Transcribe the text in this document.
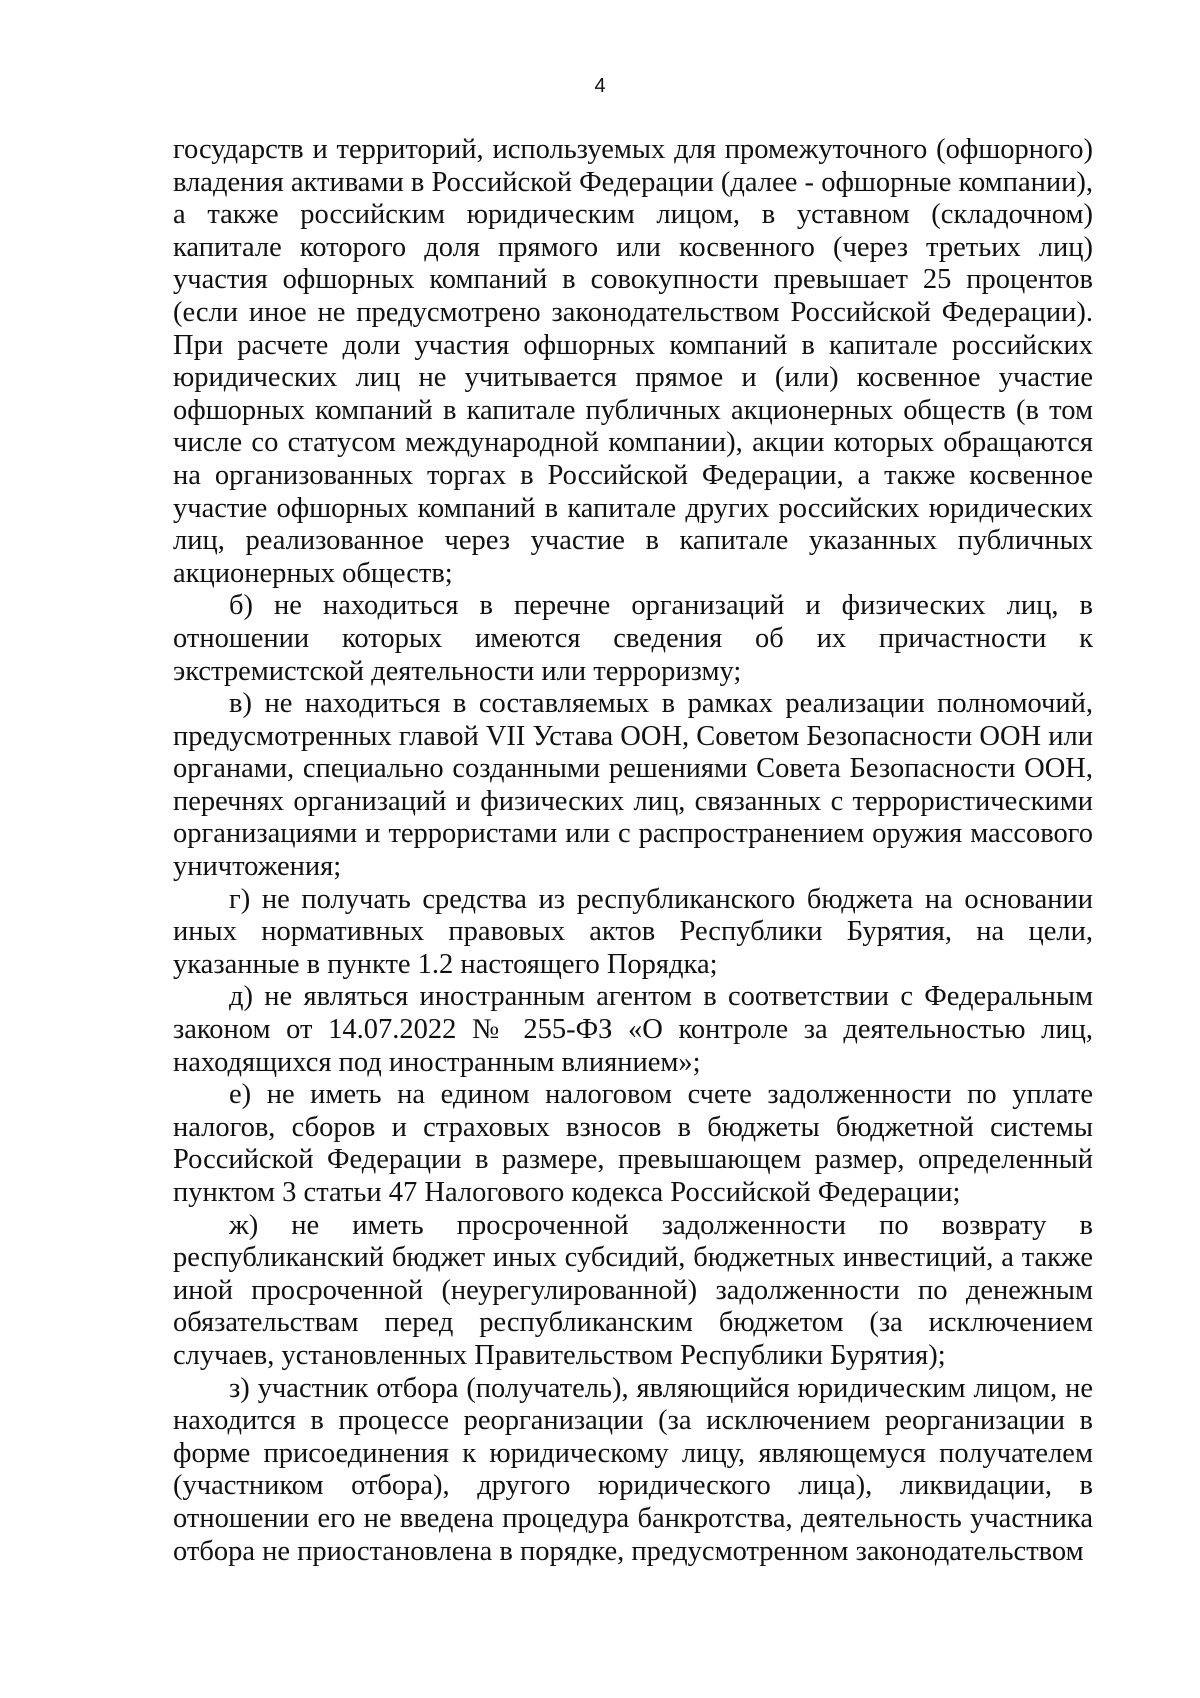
4

государств и территорий, используемых для промежуточного (офшорного) владения активами в Российской Федерации (далее - офшорные компании), а также российским юридическим лицом, в уставном (складочном) капитале которого доля прямого или косвенного (через третьих лиц) участия офшорных компаний в совокупности превышает 25 процентов (если иное не предусмотрено законодательством Российской Федерации). При расчете доли участия офшорных компаний в капитале российских юридических лиц не учитывается прямое и (или) косвенное участие офшорных компаний в капитале публичных акционерных обществ (в том числе со статусом международной компании), акции которых обращаются на организованных торгах в Российской Федерации, а также косвенное участие офшорных компаний в капитале других российских юридических лиц, реализованное через участие в капитале указанных публичных акционерных обществ;

б) не находиться в перечне организаций и физических лиц, в отношении которых имеются сведения об их причастности к экстремистской деятельности или терроризму;

в) не находиться в составляемых в рамках реализации полномочий, предусмотренных главой VII Устава ООН, Советом Безопасности ООН или органами, специально созданными решениями Совета Безопасности ООН, перечнях организаций и физических лиц, связанных с террористическими организациями и террористами или с распространением оружия массового уничтожения;

г) не получать средства из республиканского бюджета на основании иных нормативных правовых актов Республики Бурятия, на цели, указанные в пункте 1.2 настоящего Порядка;

д) не являться иностранным агентом в соответствии с Федеральным законом от 14.07.2022 № 255-ФЗ «О контроле за деятельностью лиц, находящихся под иностранным влиянием»;

е) не иметь на едином налоговом счете задолженности по уплате налогов, сборов и страховых взносов в бюджеты бюджетной системы Российской Федерации в размере, превышающем размер, определенный пунктом 3 статьи 47 Налогового кодекса Российской Федерации;

ж) не иметь просроченной задолженности по возврату в республиканский бюджет иных субсидий, бюджетных инвестиций, а также иной просроченной (неурегулированной) задолженности по денежным обязательствам перед республиканским бюджетом (за исключением случаев, установленных Правительством Республики Бурятия);

з) участник отбора (получатель), являющийся юридическим лицом, не находится в процессе реорганизации (за исключением реорганизации в форме присоединения к юридическому лицу, являющемуся получателем (участником отбора), другого юридического лица), ликвидации, в отношении его не введена процедура банкротства, деятельность участника отбора не приостановлена в порядке, предусмотренном законодательством
